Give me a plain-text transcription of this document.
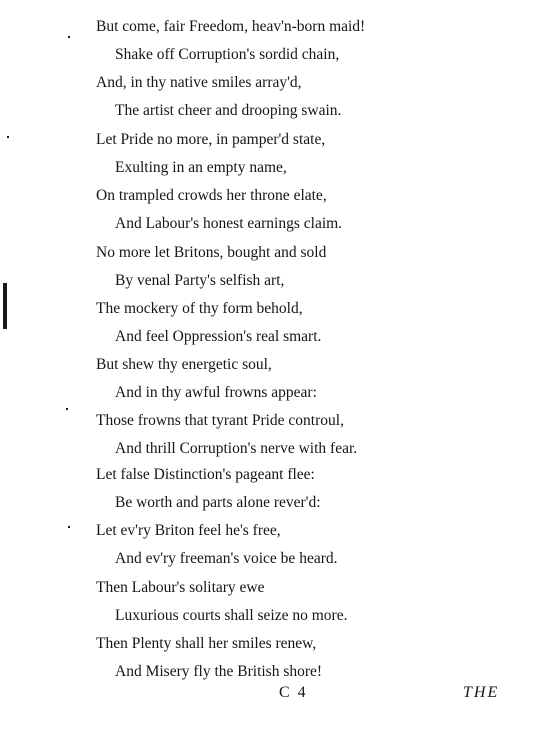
But come, fair Freedom, heav'n-born maid!
Shake off Corruption's sordid chain,
And, in thy native smiles array'd,
The artist cheer and drooping swain.
Let Pride no more, in pamper'd state,
Exulting in an empty name,
On trampled crowds her throne elate,
And Labour's honest earnings claim.
No more let Britons, bought and sold
By venal Party's selfish art,
The mockery of thy form behold,
And feel Oppression's real smart.
But shew thy energetic soul,
And in thy awful frowns appear:
Those frowns that tyrant Pride controul,
And thrill Corruption's nerve with fear.
Let false Distinction's pageant flee:
Be worth and parts alone rever'd:
Let ev'ry Briton feel he's free,
And ev'ry freeman's voice be heard.
Then Labour's solitary ewe
Luxurious courts shall seize no more.
Then Plenty shall her smiles renew,
And Misery fly the British shore!
C 4	THE
